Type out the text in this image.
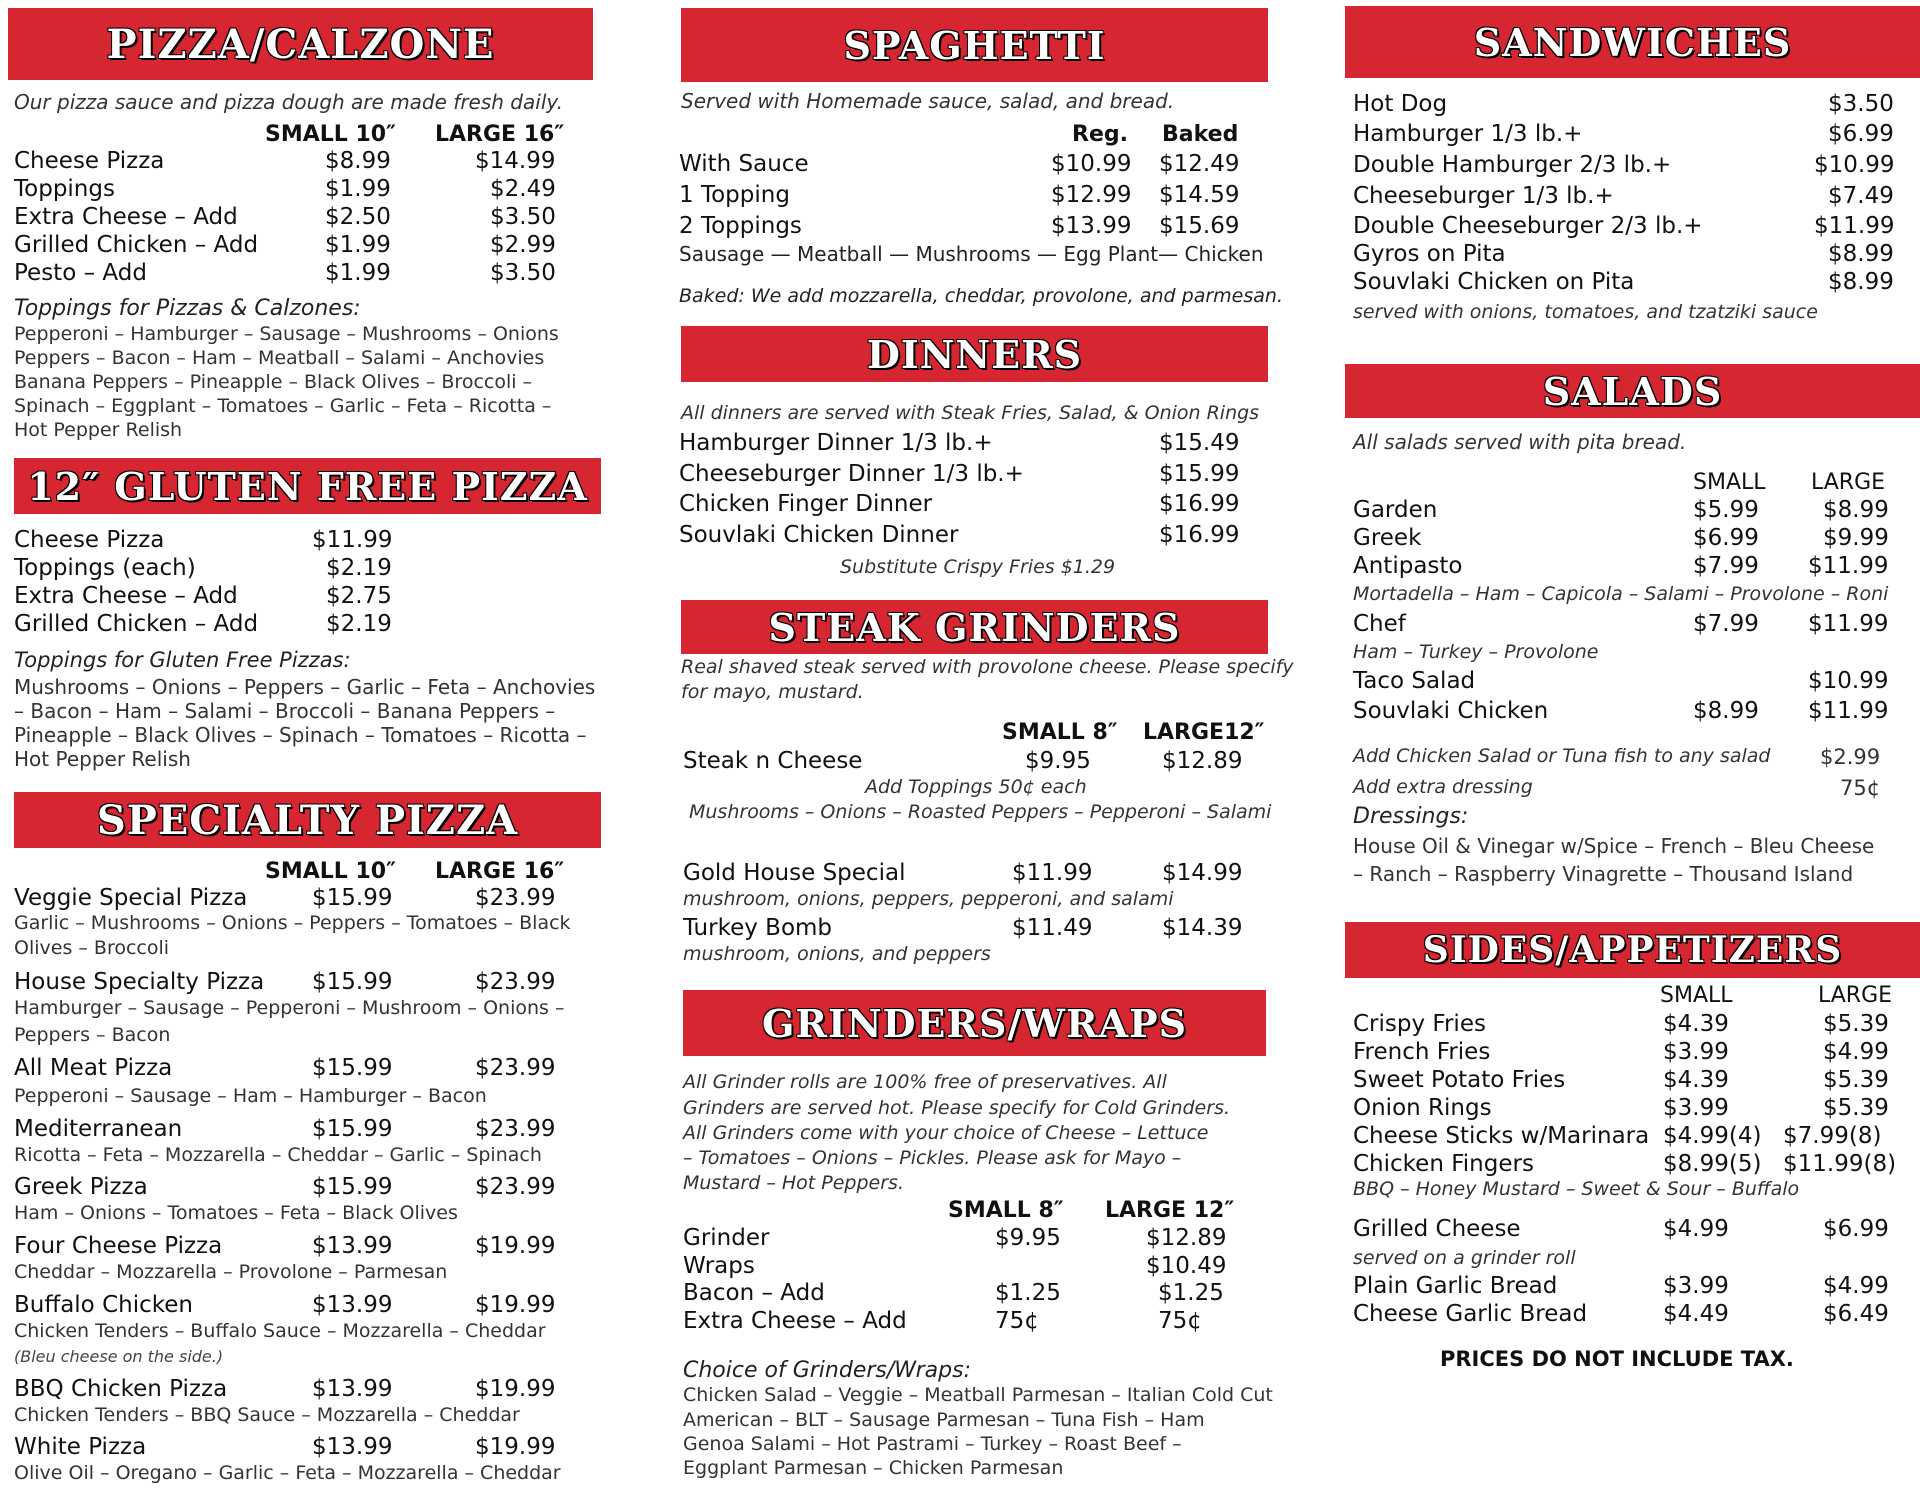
PIZZA/CALZONE
Our pizza sauce and pizza dough are made fresh daily.
SMALL 10″ LARGE 16″
Cheese Pizza	$8.99	$14.99
Toppings	$1.99	$2.49
Extra Cheese – Add	$2.50	$3.50
Grilled Chicken – Add	$1.99	$2.99
Pesto – Add	$1.99	$3.50
Toppings for Pizzas & Calzones:
Pepperoni – Hamburger – Sausage – Mushrooms – Onions
Peppers – Bacon – Ham – Meatball – Salami – Anchovies
Banana Peppers – Pineapple – Black Olives – Broccoli –
Spinach – Eggplant – Tomatoes – Garlic – Feta – Ricotta –
Hot Pepper Relish
12″ GLUTEN FREE PIZZA
Cheese Pizza	$11.99
Toppings (each)	$2.19
Extra Cheese – Add	$2.75
Grilled Chicken – Add	$2.19
Toppings for Gluten Free Pizzas:
Mushrooms – Onions – Peppers – Garlic – Feta – Anchovies
– Bacon – Ham – Salami – Broccoli – Banana Peppers –
Pineapple – Black Olives – Spinach – Tomatoes – Ricotta –
Hot Pepper Relish
SPECIALTY PIZZA
SMALL 10″ LARGE 16″
Veggie Special Pizza	$15.99	$23.99
Garlic – Mushrooms – Onions – Peppers – Tomatoes – Black
Olives – Broccoli
House Specialty Pizza $15.99	$23.99
Hamburger – Sausage – Pepperoni – Mushroom – Onions –
Peppers – Bacon
All Meat Pizza	$15.99	$23.99
Pepperoni – Sausage – Ham – Hamburger – Bacon
Mediterranean	$15.99	$23.99
Ricotta – Feta – Mozzarella – Cheddar – Garlic – Spinach
Greek Pizza	$15.99	$23.99
Ham – Onions – Tomatoes – Feta – Black Olives
Four Cheese Pizza	$13.99	$19.99
Cheddar – Mozzarella – Provolone – Parmesan
Buffalo Chicken	$13.99	$19.99
Chicken Tenders – Buffalo Sauce – Mozzarella – Cheddar
(Bleu cheese on the side.)
BBQ Chicken Pizza	$13.99	$19.99
Chicken Tenders – BBQ Sauce – Mozzarella – Cheddar
White Pizza	$13.99	$19.99
Olive Oil – Oregano – Garlic – Feta – Mozzarella – Cheddar
SPAGHETTI
Served with Homemade sauce, salad, and bread.
Reg. Baked
With Sauce	$10.99 $12.49
1 Topping	$12.99 $14.59
2 Toppings	$13.99 $15.69
Sausage — Meatball — Mushrooms — Egg Plant— Chicken
Baked: We add mozzarella, cheddar, provolone, and parmesan.
DINNERS
All dinners are served with Steak Fries, Salad, & Onion Rings
Hamburger Dinner 1/3 lb.+	$15.49
Cheeseburger Dinner 1/3 lb.+	$15.99
Chicken Finger Dinner	$16.99
Souvlaki Chicken Dinner	$16.99
Substitute Crispy Fries $1.29
STEAK GRINDERS
Real shaved steak served with provolone cheese. Please specify
for mayo, mustard.
SMALL 8″ LARGE12″
Steak n Cheese	$9.95	$12.89
Add Toppings 50¢ each
Mushrooms – Onions – Roasted Peppers – Pepperoni – Salami
Gold House Special	$11.99	$14.99
mushroom, onions, peppers, pepperoni, and salami
Turkey Bomb	$11.49	$14.39
mushroom, onions, and peppers
GRINDERS/WRAPS
All Grinder rolls are 100% free of preservatives. All
Grinders are served hot. Please specify for Cold Grinders.
All Grinders come with your choice of Cheese – Lettuce
– Tomatoes – Onions – Pickles. Please ask for Mayo –
Mustard – Hot Peppers.
SMALL 8″ LARGE 12″
Grinder	$9.95	$12.89
Wraps	$10.49
Bacon – Add	$1.25	$1.25
Extra Cheese – Add	75¢	75¢
Choice of Grinders/Wraps:
Chicken Salad – Veggie – Meatball Parmesan – Italian Cold Cut
American – BLT – Sausage Parmesan – Tuna Fish – Ham
Genoa Salami – Hot Pastrami – Turkey – Roast Beef –
Eggplant Parmesan – Chicken Parmesan
SANDWICHES
Hot Dog	$3.50
Hamburger 1/3 lb.+	$6.99
Double Hamburger 2/3 lb.+	$10.99
Cheeseburger 1/3 lb.+	$7.49
Double Cheeseburger 2/3 lb.+	$11.99
Gyros on Pita	$8.99
Souvlaki Chicken on Pita	$8.99
served with onions, tomatoes, and tzatziki sauce
SALADS
All salads served with pita bread.
SMALL LARGE
Garden	$5.99	$8.99
Greek	$6.99	$9.99
Antipasto	$7.99 $11.99
Mortadella – Ham – Capicola – Salami – Provolone – Roni
Chef	$7.99 $11.99
Ham – Turkey – Provolone
Taco Salad	$10.99
Souvlaki Chicken	$8.99 $11.99
Add Chicken Salad or Tuna fish to any salad $2.99
Add extra dressing	75¢
Dressings:
House Oil & Vinegar w/Spice – French – Bleu Cheese
– Ranch – Raspberry Vinagrette – Thousand Island
SIDES/APPETIZERS
SMALL	LARGE
Crispy Fries	$4.39	$5.39
French Fries	$3.99	$4.99
Sweet Potato Fries	$4.39	$5.39
Onion Rings	$3.99	$5.39
Cheese Sticks w/Marinara $4.99(4) $7.99(8)
Chicken Fingers	$8.99(5) $11.99(8)
BBQ – Honey Mustard – Sweet & Sour – Buffalo
Grilled Cheese	$4.99	$6.99
served on a grinder roll
Plain Garlic Bread	$3.99	$4.99
Cheese Garlic Bread	$4.49	$6.49
PRICES DO NOT INCLUDE TAX.
